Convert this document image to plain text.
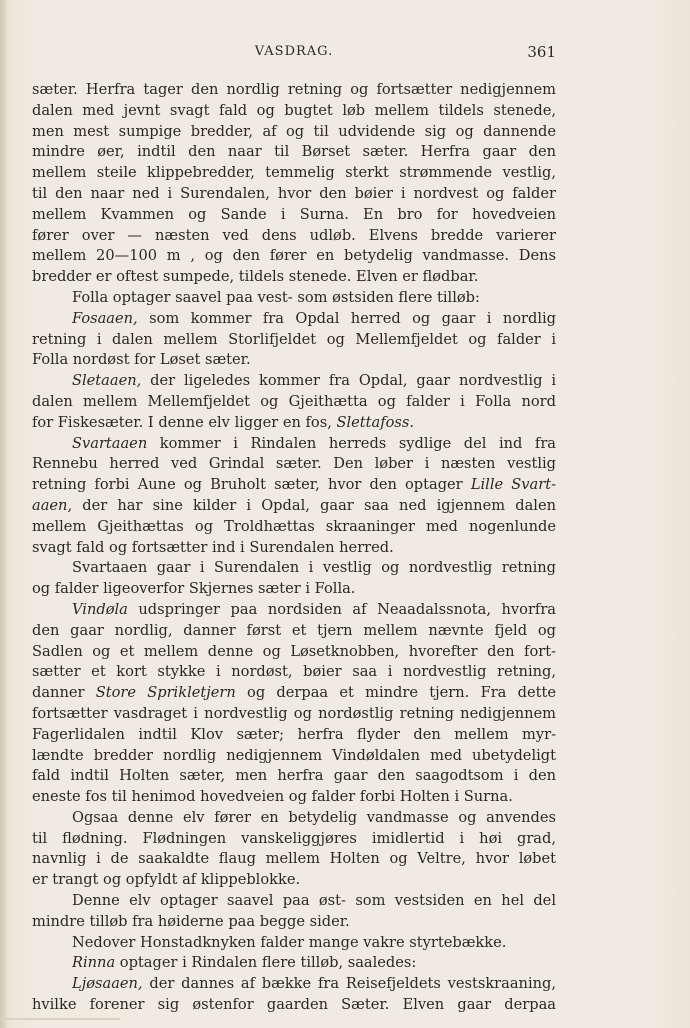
VASDRAG.	361
sæter. Herfra tager den nordlig retning og fortsætter nedigjennem
dalen med jevnt svagt fald og bugtet løb mellem tildels stenede,
men mest sumpige bredder, af og til udvidende sig og dannende
mindre øer, indtil den naar til Børset sæter. Herfra gaar den
mellem steile klippebredder, temmelig sterkt strømmende vestlig,
til den naar ned i Surendalen, hvor den bøier i nordvest og falder
mellem Kvammen og Sande i Surna. En bro for hovedveien
fører over — næsten ved dens udløb. Elvens bredde varierer
mellem 20—100 m , og den fører en betydelig vandmasse. Dens
bredder er oftest sumpede, tildels stenede. Elven er flødbar.
Folla optager saavel paa vest- som østsiden flere tilløb:
Fosaaen, som kommer fra Opdal herred og gaar i nordlig
retning i dalen mellem Storlifjeldet og Mellemfjeldet og falder i
Folla nordøst for Løset sæter.
Sletaaen, der ligeledes kommer fra Opdal, gaar nordvestlig i
dalen mellem Mellemfjeldet og Gjeithætta og falder i Folla nord
for Fiskesæter. I denne elv ligger en fos, Slettafoss.
Svartaaen kommer i Rindalen herreds sydlige del ind fra
Rennebu herred ved Grindal sæter. Den løber i næsten vestlig
retning forbi Aune og Bruholt sæter, hvor den optager Lille Svart-
aaen, der har sine kilder i Opdal, gaar saa ned igjennem dalen
mellem Gjeithættas og Troldhættas skraaninger med nogenlunde
svagt fald og fortsætter ind i Surendalen herred.
Svartaaen gaar i Surendalen i vestlig og nordvestlig retning
og falder ligeoverfor Skjernes sæter i Folla.
Vindøla udspringer paa nordsiden af Neaadalssnota, hvorfra
den gaar nordlig, danner først et tjern mellem nævnte fjeld og
Sadlen og et mellem denne og Løsetknobben, hvorefter den fort-
sætter et kort stykke i nordøst, bøier saa i nordvestlig retning,
danner Store Sprikletjern og derpaa et mindre tjern. Fra dette
fortsætter vasdraget i nordvestlig og nordøstlig retning nedigjennem
Fagerlidalen indtil Klov sæter; herfra flyder den mellem myr-
lændte bredder nordlig nedigjennem Vindøldalen med ubetydeligt
fald indtil Holten sæter, men herfra gaar den saagodtsom i den
eneste fos til henimod hovedveien og falder forbi Holten i Surna.
Ogsaa denne elv fører en betydelig vandmasse og anvendes
til flødning. Flødningen vanskeliggjøres imidlertid i høi grad,
navnlig i de saakaldte flaug mellem Holten og Veltre, hvor løbet
er trangt og opfyldt af klippeblokke.
Denne elv optager saavel paa øst- som vestsiden en hel del
mindre tilløb fra høiderne paa begge sider.
Nedover Honstadknyken falder mange vakre styrtebække.
Rinna optager i Rindalen flere tilløb, saaledes:
Ljøsaaen, der dannes af bække fra Reisefjeldets vestskraaning,
hvilke forener sig østenfor gaarden Sæter. Elven gaar derpaa
